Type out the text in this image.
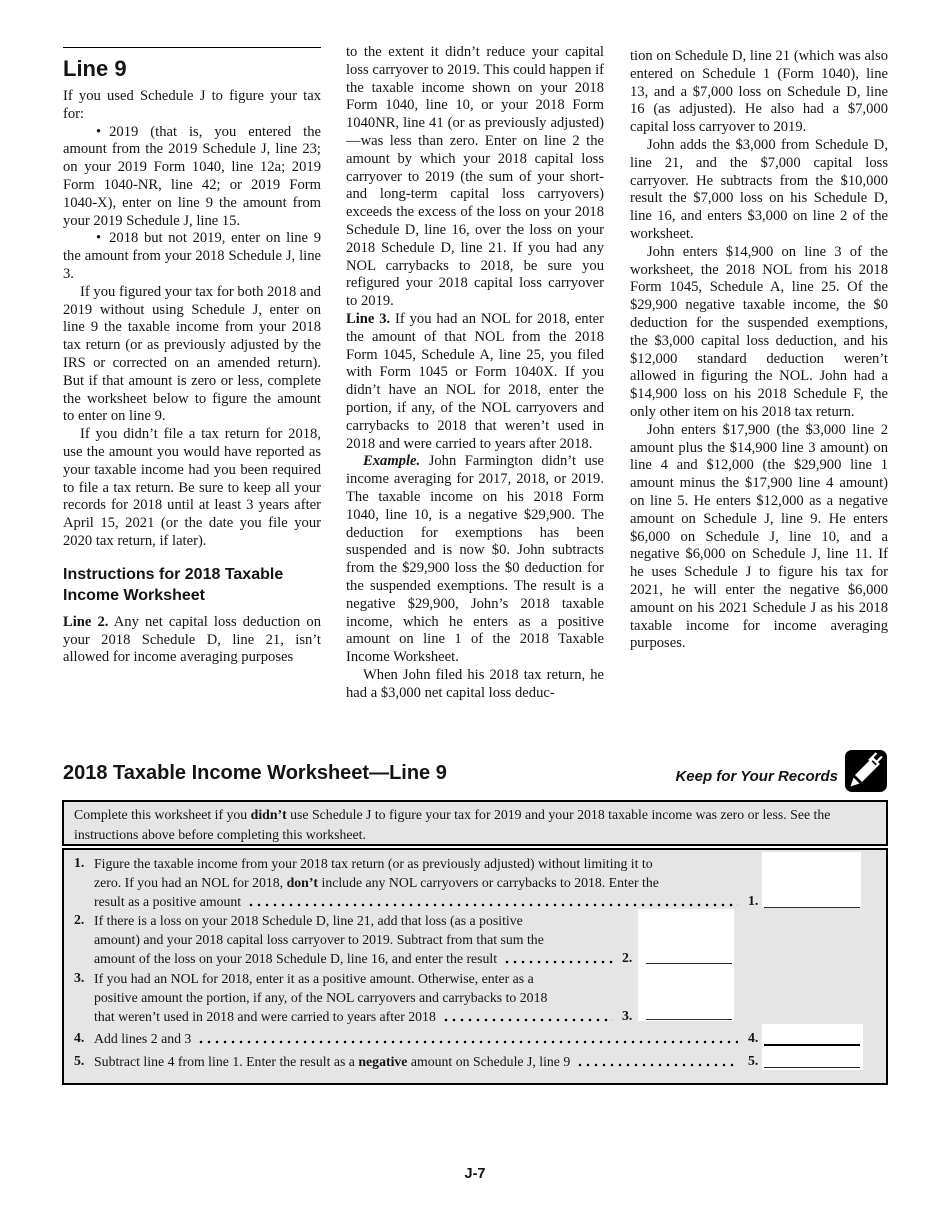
Line 9

If you used Schedule J to figure your tax for:

• 2019 (that is, you entered the amount from the 2019 Schedule J, line 23; on your 2019 Form 1040, line 12a; 2019 Form 1040-NR, line 42; or 2019 Form 1040-X), enter on line 9 the amount from your 2019 Schedule J, line 15.

• 2018 but not 2019, enter on line 9 the amount from your 2018 Schedule J, line 3.

If you figured your tax for both 2018 and 2019 without using Schedule J, enter on line 9 the taxable income from your 2018 tax return (or as previously adjusted by the IRS or corrected on an amended return). But if that amount is zero or less, complete the worksheet below to figure the amount to enter on line 9.

If you didn’t file a tax return for 2018, use the amount you would have reported as your taxable income had you been required to file a tax return. Be sure to keep all your records for 2018 until at least 3 years after April 15, 2021 (or the date you file your 2020 tax return, if later).

Instructions for 2018 Taxable Income Worksheet

Line 2. Any net capital loss deduction on your 2018 Schedule D, line 21, isn’t allowed for income averaging purposes

to the extent it didn’t reduce your capital loss carryover to 2019. This could happen if the taxable income shown on your 2018 Form 1040, line 10, or your 2018 Form 1040NR, line 41 (or as previously adjusted)—was less than zero. Enter on line 2 the amount by which your 2018 capital loss carryover to 2019 (the sum of your short- and long-term capital loss carryovers) exceeds the excess of the loss on your 2018 Schedule D, line 16, over the loss on your 2018 Schedule D, line 21. If you had any NOL carrybacks to 2018, be sure you refigured your 2018 capital loss carryover to 2019.

Line 3. If you had an NOL for 2018, enter the amount of that NOL from the 2018 Form 1045, Schedule A, line 25, you filed with Form 1045 or Form 1040X. If you didn’t have an NOL for 2018, enter the portion, if any, of the NOL carryovers and carrybacks to 2018 that weren’t used in 2018 and were carried to years after 2018.

Example. John Farmington didn’t use income averaging for 2017, 2018, or 2019. The taxable income on his 2018 Form 1040, line 10, is a negative $29,900. The deduction for exemptions has been suspended and is now $0. John subtracts from the $29,900 loss the $0 deduction for the suspended exemptions. The result is a negative $29,900, John’s 2018 taxable income, which he enters as a positive amount on line 1 of the 2018 Taxable Income Worksheet.

When John filed his 2018 tax return, he had a $3,000 net capital loss deduc-

tion on Schedule D, line 21 (which was also entered on Schedule 1 (Form 1040), line 13, and a $7,000 loss on Schedule D, line 16 (as adjusted). He also had a $7,000 capital loss carryover to 2019.

John adds the $3,000 from Schedule D, line 21, and the $7,000 capital loss carryover. He subtracts from the $10,000 result the $7,000 loss on his Schedule D, line 16, and enters $3,000 on line 2 of the worksheet.

John enters $14,900 on line 3 of the worksheet, the 2018 NOL from his 2018 Form 1045, Schedule A, line 25. Of the $29,900 negative taxable income, the $0 deduction for the suspended exemptions, the $3,000 capital loss deduction, and his $12,000 standard deduction weren’t allowed in figuring the NOL. John had a $14,900 loss on his 2018 Schedule F, the only other item on his 2018 tax return.

John enters $17,900 (the $3,000 line 2 amount plus the $14,900 line 3 amount) on line 4 and $12,000 (the $29,900 line 1 amount minus the $17,900 line 4 amount) on line 5. He enters $12,000 as a negative amount on Schedule J, line 9. He enters $6,000 on Schedule J, line 10, and a negative $6,000 on Schedule J, line 11. If he uses Schedule J to figure his tax for 2021, he will enter the negative $6,000 amount on his 2021 Schedule J as his 2018 taxable income for income averaging purposes.

2018 Taxable Income Worksheet—Line 9	Keep for Your Records
Complete this worksheet if you didn’t use Schedule J to figure your tax for 2019 and your 2018 taxable income was zero or less. See the instructions above before completing this worksheet.
1. Figure the taxable income from your 2018 tax return (or as previously adjusted) without limiting it to
zero. If you had an NOL for 2018, don’t include any NOL carryovers or carrybacks to 2018. Enter the
result as a positive amount	1.
2. If there is a loss on your 2018 Schedule D, line 21, add that loss (as a positive
amount) and your 2018 capital loss carryover to 2019. Subtract from that sum the
amount of the loss on your 2018 Schedule D, line 16, and enter the result	2.
3. If you had an NOL for 2018, enter it as a positive amount. Otherwise, enter as a
positive amount the portion, if any, of the NOL carryovers and carrybacks to 2018
that weren’t used in 2018 and were carried to years after 2018	3.
4. Add lines 2 and 3	4.
5. Subtract line 4 from line 1. Enter the result as a negative amount on Schedule J, line 9	5.
J-7
